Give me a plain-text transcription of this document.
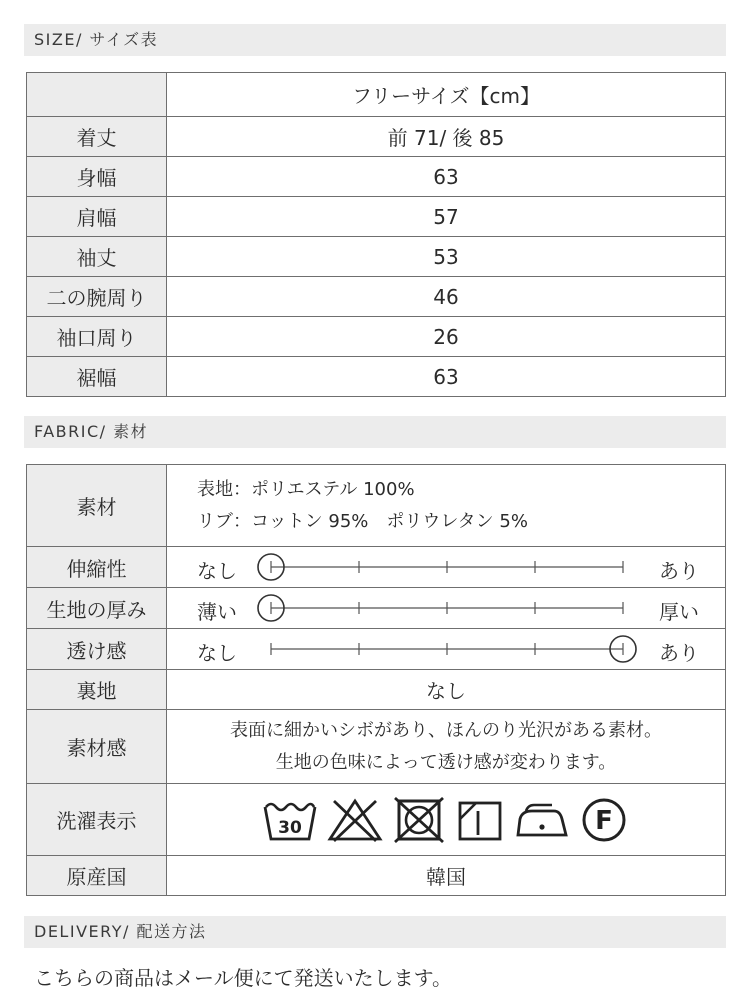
SIZE/ サイズ表
	フリーサイズ【cm】
着丈	前 71/ 後 85
身幅	63
肩幅	57
袖丈	53
二の腕周り	46
袖口周り	26
裾幅	63
FABRIC/ 素材
素材	表地：ポリエステル 100%
リブ：コットン 95%　ポリウレタン 5%

伸縮性	なし あり

生地の厚み	薄い 厚い

透け感	なし あり

裏地	なし
素材感	表面に細かいシボがあり、ほんのり光沢がある素材。
生地の色味によって透け感が変わります。

洗濯表示	30 F

原産国	韓国
DELIVERY/ 配送方法
こちらの商品はメール便にて発送いたします。
